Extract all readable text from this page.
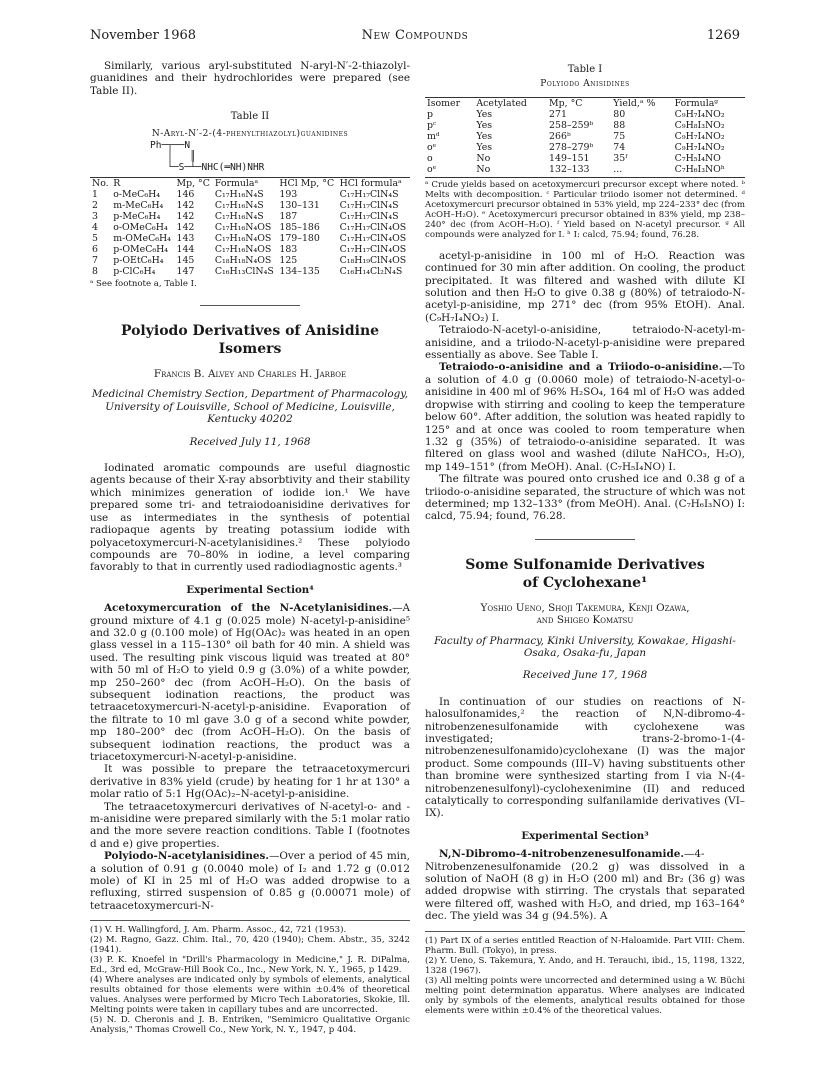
November 1968	New Compounds	1269

Similarly, various aryl-substituted N-aryl-N′-2-thiazolyl-guanidines and their hydrochlorides were prepared (see Table II).

Table II
N-Aryl-N′-2-(4-phenylthiazolyl)guanidines
Ph─┬──N
│   ║
└─S─┴─NHC(═NH)NHR
No.	R	Mp, °C	Formulaᵃ	HCl Mp, °C	HCl formulaᵃ
1	o-MeC₆H₄	146	C₁₇H₁₆N₄S	193	C₁₇H₁₇ClN₄S
2	m-MeC₆H₄	142	C₁₇H₁₆N₄S	130–131	C₁₇H₁₇ClN₄S
3	p-MeC₆H₄	142	C₁₇H₁₆N₄S	187	C₁₇H₁₇ClN₄S
4	o-OMeC₆H₄	142	C₁₇H₁₆N₄OS	185–186	C₁₇H₁₇ClN₄OS
5	m-OMeC₆H₄	143	C₁₇H₁₆N₄OS	179–180	C₁₇H₁₇ClN₄OS
6	p-OMeC₆H₄	144	C₁₇H₁₆N₄OS	183	C₁₇H₁₇ClN₄OS
7	p-OEtC₆H₄	145	C₁₈H₁₈N₄OS	125	C₁₈H₁₉ClN₄OS
8	p-ClC₆H₄	147	C₁₆H₁₃ClN₄S	134–135	C₁₆H₁₄Cl₂N₄S

ᵃ See footnote a, Table I.

Polyiodo Derivatives of Anisidine Isomers
Francis B. Alvey and Charles H. Jarboe
Medicinal Chemistry Section, Department of Pharmacology, University of Louisville, School of Medicine, Louisville, Kentucky 40202
Received July 11, 1968

Iodinated aromatic compounds are useful diagnostic agents because of their X-ray absorbtivity and their stability which minimizes generation of iodide ion.¹ We have prepared some tri- and tetraiodoanisidine derivatives for use as intermediates in the synthesis of potential radiopaque agents by treating potassium iodide with polyacetoxymercuri-N-acetylanisidines.² These polyiodo compounds are 70–80% in iodine, a level comparing favorably to that in currently used radiodiagnostic agents.³

Experimental Section⁴

Acetoxymercuration of the N-Acetylanisidines.—A ground mixture of 4.1 g (0.025 mole) N-acetyl-p-anisidine⁵ and 32.0 g (0.100 mole) of Hg(OAc)₂ was heated in an open glass vessel in a 115–130° oil bath for 40 min. A shield was used. The resulting pink viscous liquid was treated at 80° with 50 ml of H₂O to yield 0.9 g (3.0%) of a white powder, mp 250–260° dec (from AcOH–H₂O). On the basis of subsequent iodination reactions, the product was tetraacetoxymercuri-N-acetyl-p-anisidine. Evaporation of the filtrate to 10 ml gave 3.0 g of a second white powder, mp 180–200° dec (from AcOH–H₂O). On the basis of subsequent iodination reactions, the product was a triacetoxymercuri-N-acetyl-p-anisidine.

It was possible to prepare the tetraacetoxymercuri derivative in 83% yield (crude) by heating for 1 hr at 130° a molar ratio of 5:1 Hg(OAc)₂–N-acetyl-p-anisidine.

The tetraacetoxymercuri derivatives of N-acetyl-o- and -m-anisidine were prepared similarly with the 5:1 molar ratio and the more severe reaction conditions. Table I (footnotes d and e) give properties.

Polyiodo-N-acetylanisidines.—Over a period of 45 min, a solution of 0.91 g (0.0040 mole) of I₂ and 1.72 g (0.012 mole) of KI in 25 ml of H₂O was added dropwise to a refluxing, stirred suspension of 0.85 g (0.00071 mole) of tetraacetoxymercuri-N-

(1) V. H. Wallingford, J. Am. Pharm. Assoc., 42, 721 (1953).

(2) M. Ragno, Gazz. Chim. Ital., 70, 420 (1940); Chem. Abstr., 35, 3242 (1941).

(3) P. K. Knoefel in "Drill's Pharmacology in Medicine," J. R. DiPalma, Ed., 3rd ed, McGraw-Hill Book Co., Inc., New York, N. Y., 1965, p 1429.

(4) Where analyses are indicated only by symbols of elements, analytical results obtained for those elements were within ±0.4% of theoretical values. Analyses were performed by Micro Tech Laboratories, Skokie, Ill. Melting points were taken in capillary tubes and are uncorrected.

(5) N. D. Cheronis and J. B. Entriken, "Semimicro Qualitative Organic Analysis," Thomas Crowell Co., New York, N. Y., 1947, p 404.

Table I
Polyiodo Anisidines
Isomer	Acetylated	Mp, °C	Yield,ᵃ %	Formulaᵍ
p	Yes	271	80	C₉H₇I₄NO₂
pᶜ	Yes	258–259ᵇ	88	C₉H₈I₃NO₂
mᵈ	Yes	266ᵇ	75	C₉H₇I₄NO₂
oᵉ	Yes	278–279ᵇ	74	C₉H₇I₄NO₂
o	No	149–151	35ᶠ	C₇H₅I₄NO
oᵉ	No	132–133	...	C₇H₆I₃NOʰ

ᵃ Crude yields based on acetoxymercuri precursor except where noted. ᵇ Melts with decomposition. ᶜ Particular triiodo isomer not determined. ᵈ Acetoxymercuri precursor obtained in 53% yield, mp 224–233° dec (from AcOH–H₂O). ᵉ Acetoxymercuri precursor obtained in 83% yield, mp 238–240° dec (from AcOH–H₂O). ᶠ Yield based on N-acetyl precursor. ᵍ All compounds were analyzed for I. ʰ I: calcd, 75.94; found, 76.28.

acetyl-p-anisidine in 100 ml of H₂O. Reaction was continued for 30 min after addition. On cooling, the product precipitated. It was filtered and washed with dilute KI solution and then H₂O to give 0.38 g (80%) of tetraiodo-N-acetyl-p-anisidine, mp 271° dec (from 95% EtOH). Anal. (C₉H₇I₄NO₂) I.

Tetraiodo-N-acetyl-o-anisidine, tetraiodo-N-acetyl-m-anisidine, and a triiodo-N-acetyl-p-anisidine were prepared essentially as above. See Table I.

Tetraiodo-o-anisidine and a Triiodo-o-anisidine.—To a solution of 4.0 g (0.0060 mole) of tetraiodo-N-acetyl-o-anisidine in 400 ml of 96% H₂SO₄, 164 ml of H₂O was added dropwise with stirring and cooling to keep the temperature below 60°. After addition, the solution was heated rapidly to 125° and at once was cooled to room temperature when 1.32 g (35%) of tetraiodo-o-anisidine separated. It was filtered on glass wool and washed (dilute NaHCO₃, H₂O), mp 149–151° (from MeOH). Anal. (C₇H₅I₄NO) I.

The filtrate was poured onto crushed ice and 0.38 g of a triiodo-o-anisidine separated, the structure of which was not determined; mp 132–133° (from MeOH). Anal. (C₇H₆I₃NO) I: calcd, 75.94; found, 76.28.

Some Sulfonamide Derivatives
of Cyclohexane¹
Yoshio Ueno, Shoji Takemura, Kenji Ozawa,
and Shigeo Komatsu
Faculty of Pharmacy, Kinki University, Kowakae, Higashi-Osaka, Osaka-fu, Japan
Received June 17, 1968

In continuation of our studies on reactions of N-halosulfonamides,² the reaction of N,N-dibromo-4-nitrobenzenesulfonamide with cyclohexene was investigated; trans-2-bromo-1-(4-nitrobenzenesulfonamido)cyclohexane (I) was the major product. Some compounds (III–V) having substituents other than bromine were synthesized starting from I via N-(4-nitrobenzenesulfonyl)-cyclohexenimine (II) and reduced catalytically to corresponding sulfanilamide derivatives (VI–IX).

Experimental Section³

N,N-Dibromo-4-nitrobenzenesulfonamide.—4-Nitrobenzenesulfonamide (20.2 g) was dissolved in a solution of NaOH (8 g) in H₂O (200 ml) and Br₂ (36 g) was added dropwise with stirring. The crystals that separated were filtered off, washed with H₂O, and dried, mp 163–164° dec. The yield was 34 g (94.5%). A

(1) Part IX of a series entitled Reaction of N-Haloamide. Part VIII: Chem. Pharm. Bull. (Tokyo), in press.

(2) Y. Ueno, S. Takemura, Y. Ando, and H. Terauchi, ibid., 15, 1198, 1322, 1328 (1967).

(3) All melting points were uncorrected and determined using a W. Büchi melting point determination apparatus. Where analyses are indicated only by symbols of the elements, analytical results obtained for those elements were within ±0.4% of the theoretical values.
